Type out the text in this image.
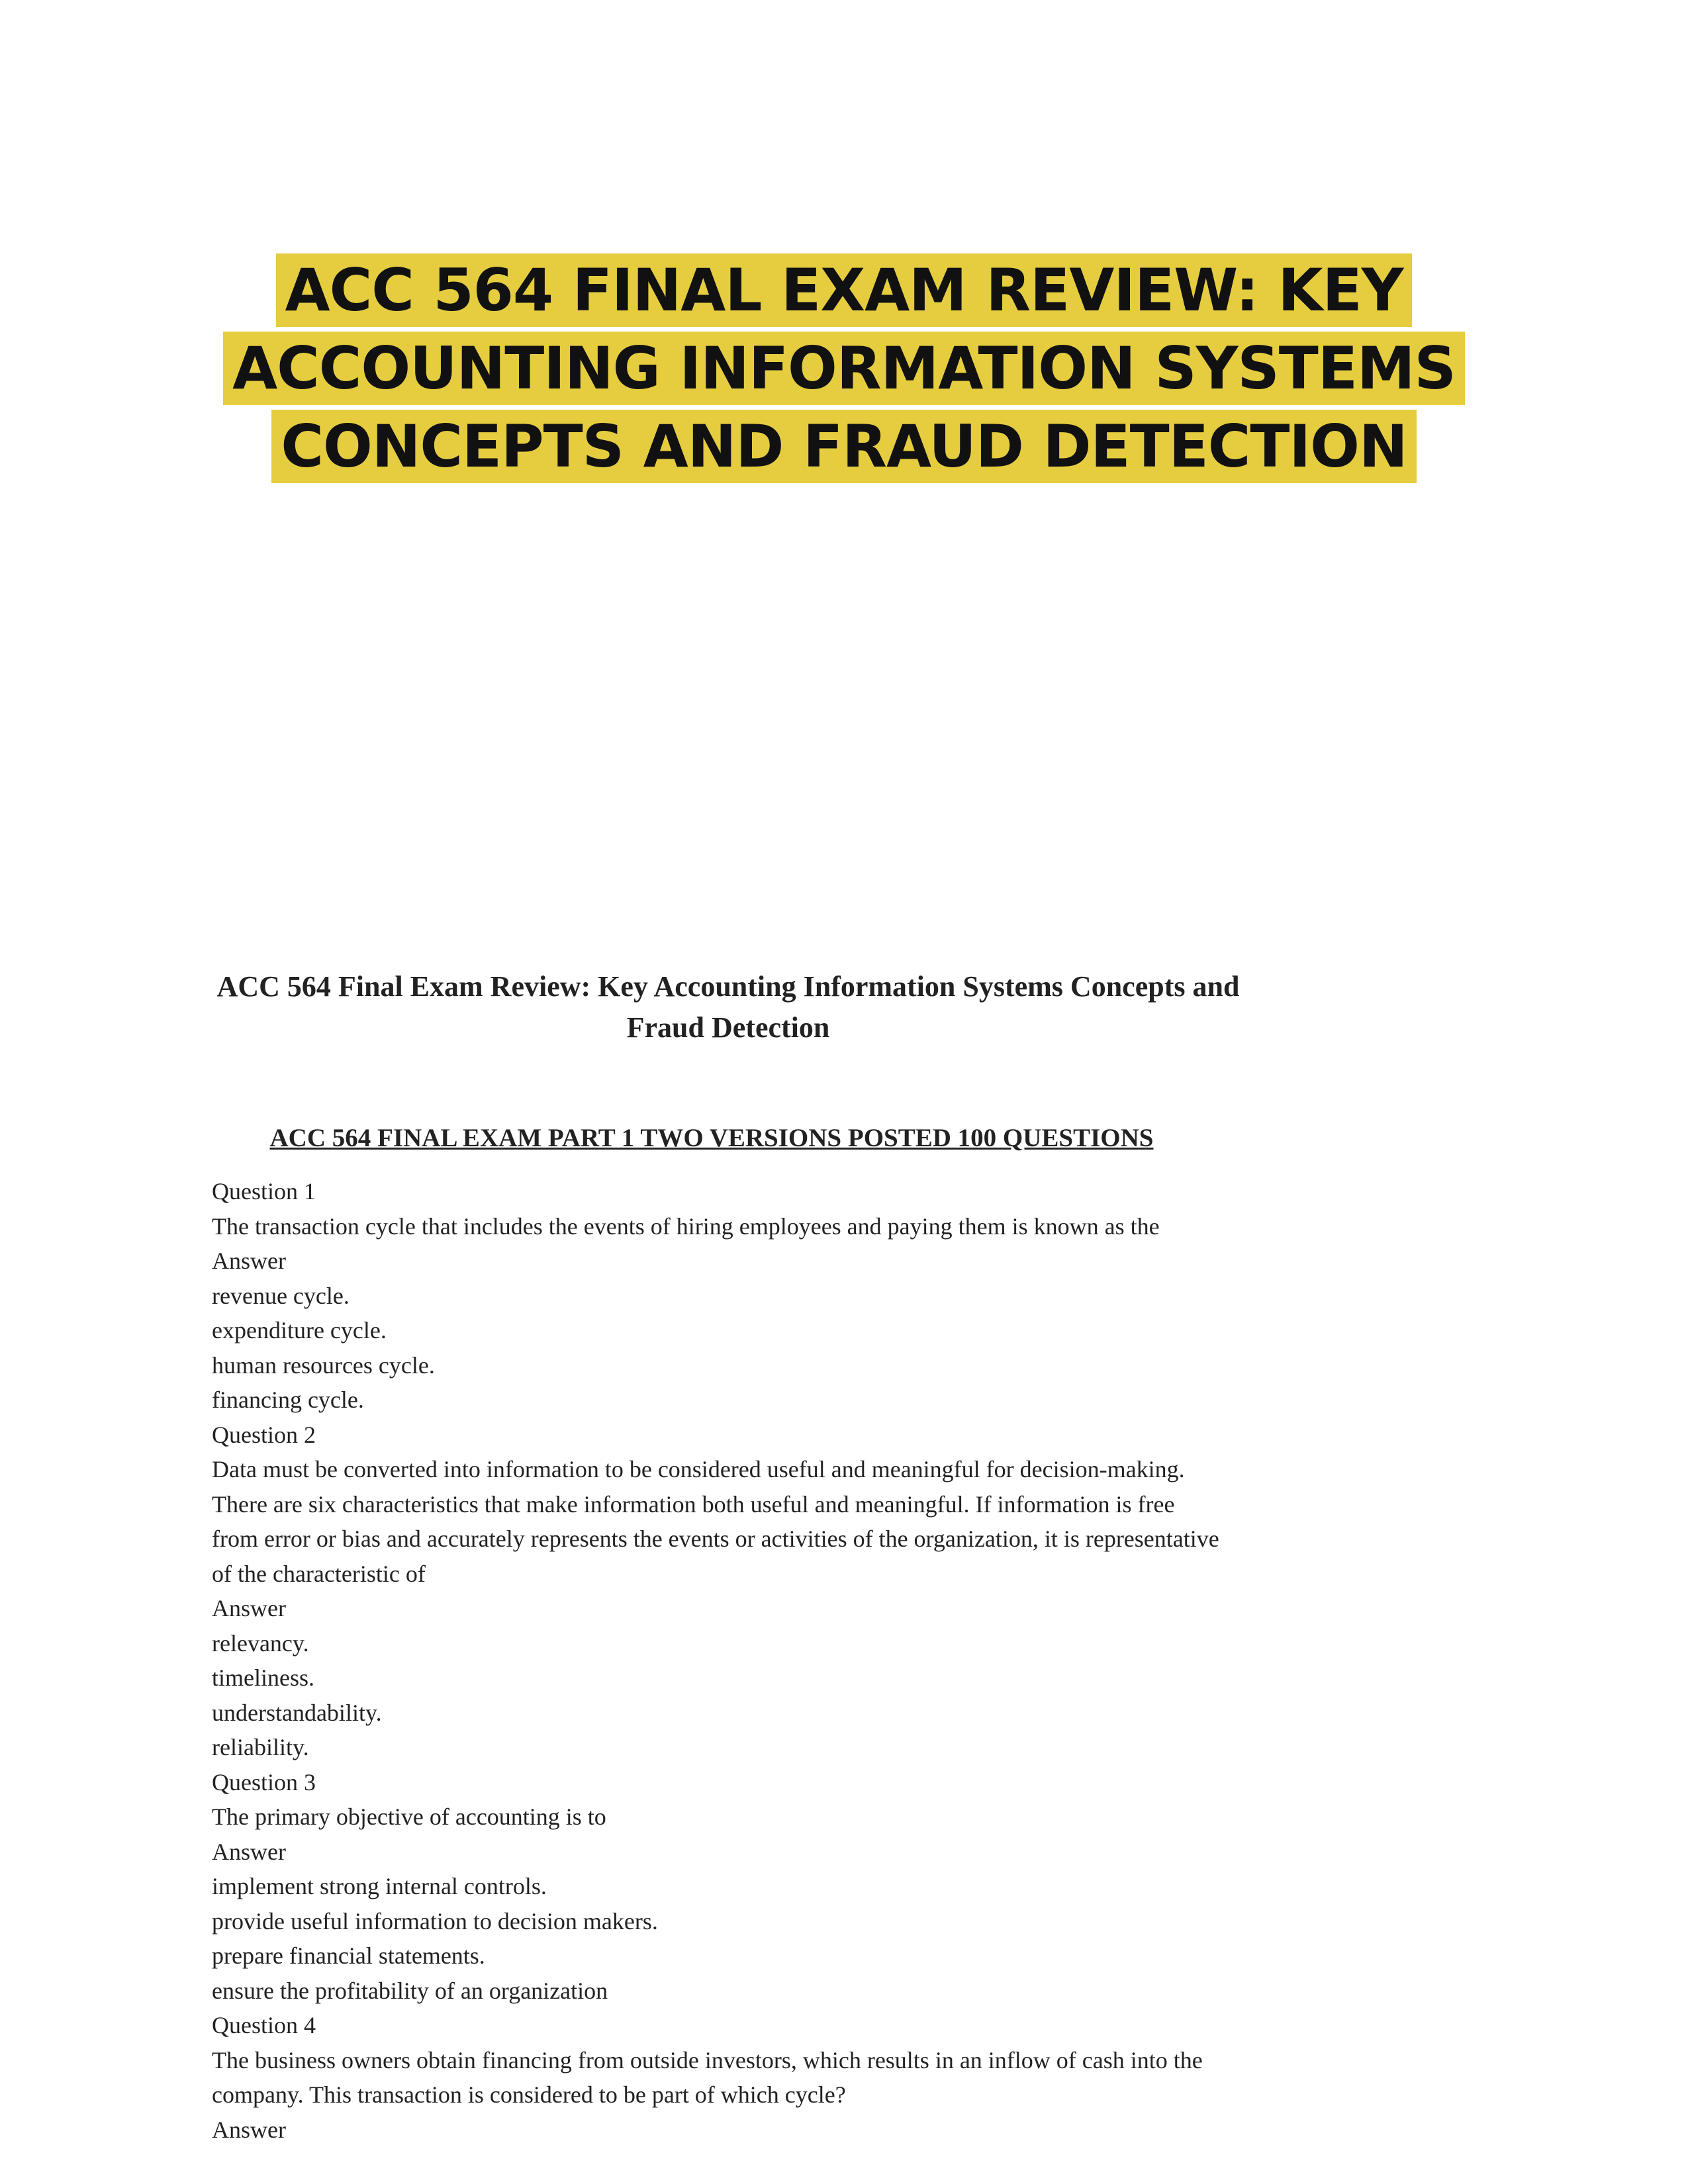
ACC 564 FINAL EXAM REVIEW: KEY ACCOUNTING INFORMATION SYSTEMS CONCEPTS AND FRAUD DETECTION
ACC 564 Final Exam Review: Key Accounting Information Systems Concepts and Fraud Detection
ACC 564 FINAL EXAM PART 1 TWO VERSIONS POSTED 100 QUESTIONS
Question 1
The transaction cycle that includes the events of hiring employees and paying them is known as the
Answer
revenue cycle.
expenditure cycle.
human resources cycle.
financing cycle.
Question 2
Data must be converted into information to be considered useful and meaningful for decision-making. There are six characteristics that make information both useful and meaningful. If information is free from error or bias and accurately represents the events or activities of the organization, it is representative of the characteristic of
Answer
relevancy.
timeliness.
understandability.
reliability.
Question 3
The primary objective of accounting is to
Answer
implement strong internal controls.
provide useful information to decision makers.
prepare financial statements.
ensure the profitability of an organization
Question 4
The business owners obtain financing from outside investors, which results in an inflow of cash into the company. This transaction is considered to be part of which cycle?
Answer
